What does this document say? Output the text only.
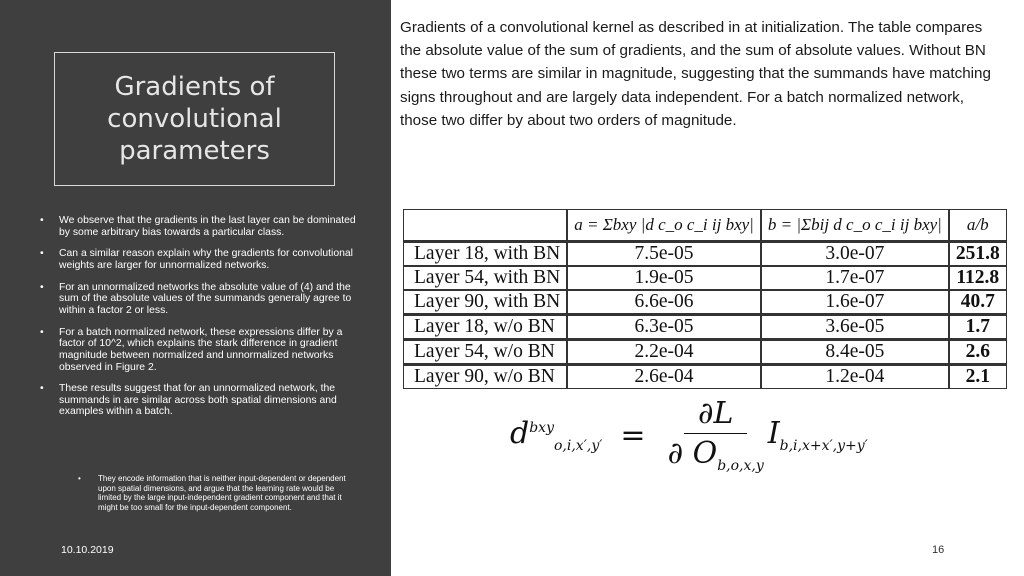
Gradients of convolutional parameters
• We observe that the gradients in the last layer can be dominated by some arbitrary bias towards a particular class.
• Can a similar reason explain why the gradients for convolutional weights are larger for unnormalized networks.
• For an unnormalized networks the absolute value of (4) and the sum of the absolute values of the summands generally agree to within a factor 2 or less.
• For a batch normalized network, these expressions differ by a factor of 10^2, which explains the stark difference in gradient magnitude between normalized and unnormalized networks observed in Figure 2.
• These results suggest that for an unnormalized network, the summands in are similar across both spatial dimensions and examples within a batch.
• They encode information that is neither input-dependent or dependent upon spatial dimensions, and argue that the learning rate would be limited by the large input-independent gradient component and that it might be too small for the input-dependent component.
10.10.2019

Gradients of a convolutional kernel as described in at initialization. The table compares the absolute value of the sum of gradients, and the sum of absolute values. Without BN these two terms are similar in magnitude, suggesting that the summands have matching signs throughout and are largely data independent. For a batch normalized network, those two differ by about two orders of magnitude.

	a = Σbxy |d c_o c_i ij bxy|	b = |Σbij d c_o c_i ij bxy|	a/b
Layer 18, with BN	7.5e-05	3.0e-07	251.8
Layer 54, with BN	1.9e-05	1.7e-07	112.8
Layer 90, with BN	6.6e-06	1.6e-07	40.7
Layer 18, w/o BN	6.3e-05	3.6e-05	1.7
Layer 54, w/o BN	2.2e-04	8.4e-05	2.6
Layer 90, w/o BN	2.6e-04	1.2e-04	2.1
$d^{bxy}_{o,i,x',y'} = \frac{\partial L}{\partial O_{b,o,x,y}} I_{b,i,x+x',y+y'}$
16
